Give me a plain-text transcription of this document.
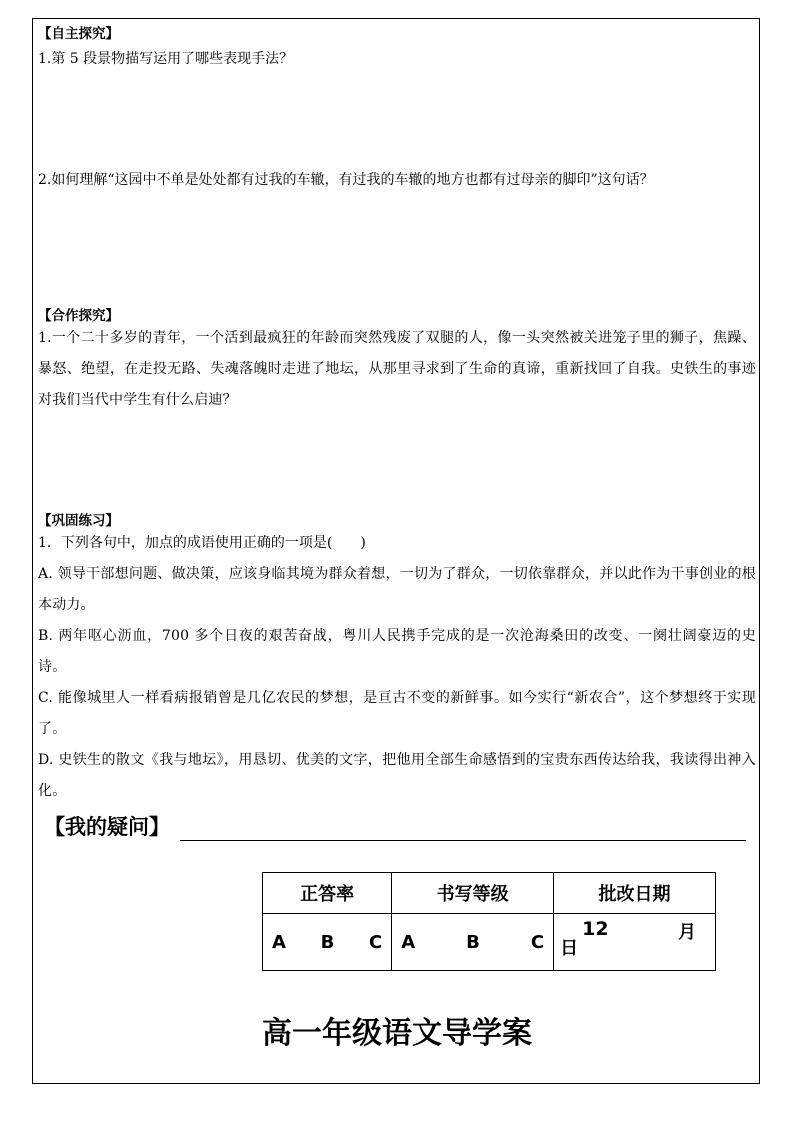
【自主探究】
1.第 5 段景物描写运用了哪些表现手法？
2.如何理解“这园中不单是处处都有过我的车辙，有过我的车辙的地方也都有过母亲的脚印”这句话？
【合作探究】
1.一个二十多岁的青年，一个活到最疯狂的年龄而突然残废了双腿的人，像一头突然被关进笼子里的狮子，焦躁、暴怒、绝望，在走投无路、失魂落魄时走进了地坛，从那里寻求到了生命的真谛，重新找回了自我。史铁生的事迹对我们当代中学生有什么启迪？
【巩固练习】
1．下列各句中，加点的成语使用正确的一项是(　　)
A. 领导干部想问题、做决策，应该身临其境为群众着想，一切为了群众，一切依靠群众，并以此作为干事创业的根本动力。
B. 两年呕心沥血，700 多个日夜的艰苦奋战，粤川人民携手完成的是一次沧海桑田的改变、一阕壮阔豪迈的史诗。
C. 能像城里人一样看病报销曾是几亿农民的梦想，是亘古不变的新鲜事。如今实行“新农合”，这个梦想终于实现了。
D. 史铁生的散文《我与地坛》，用恳切、优美的文字，把他用全部生命感悟到的宝贵东西传达给我，我读得出神入化。
【我的疑问】
正答率	书写等级	批改日期

A B C	A B C	12 月
日
高一年级语文导学案
